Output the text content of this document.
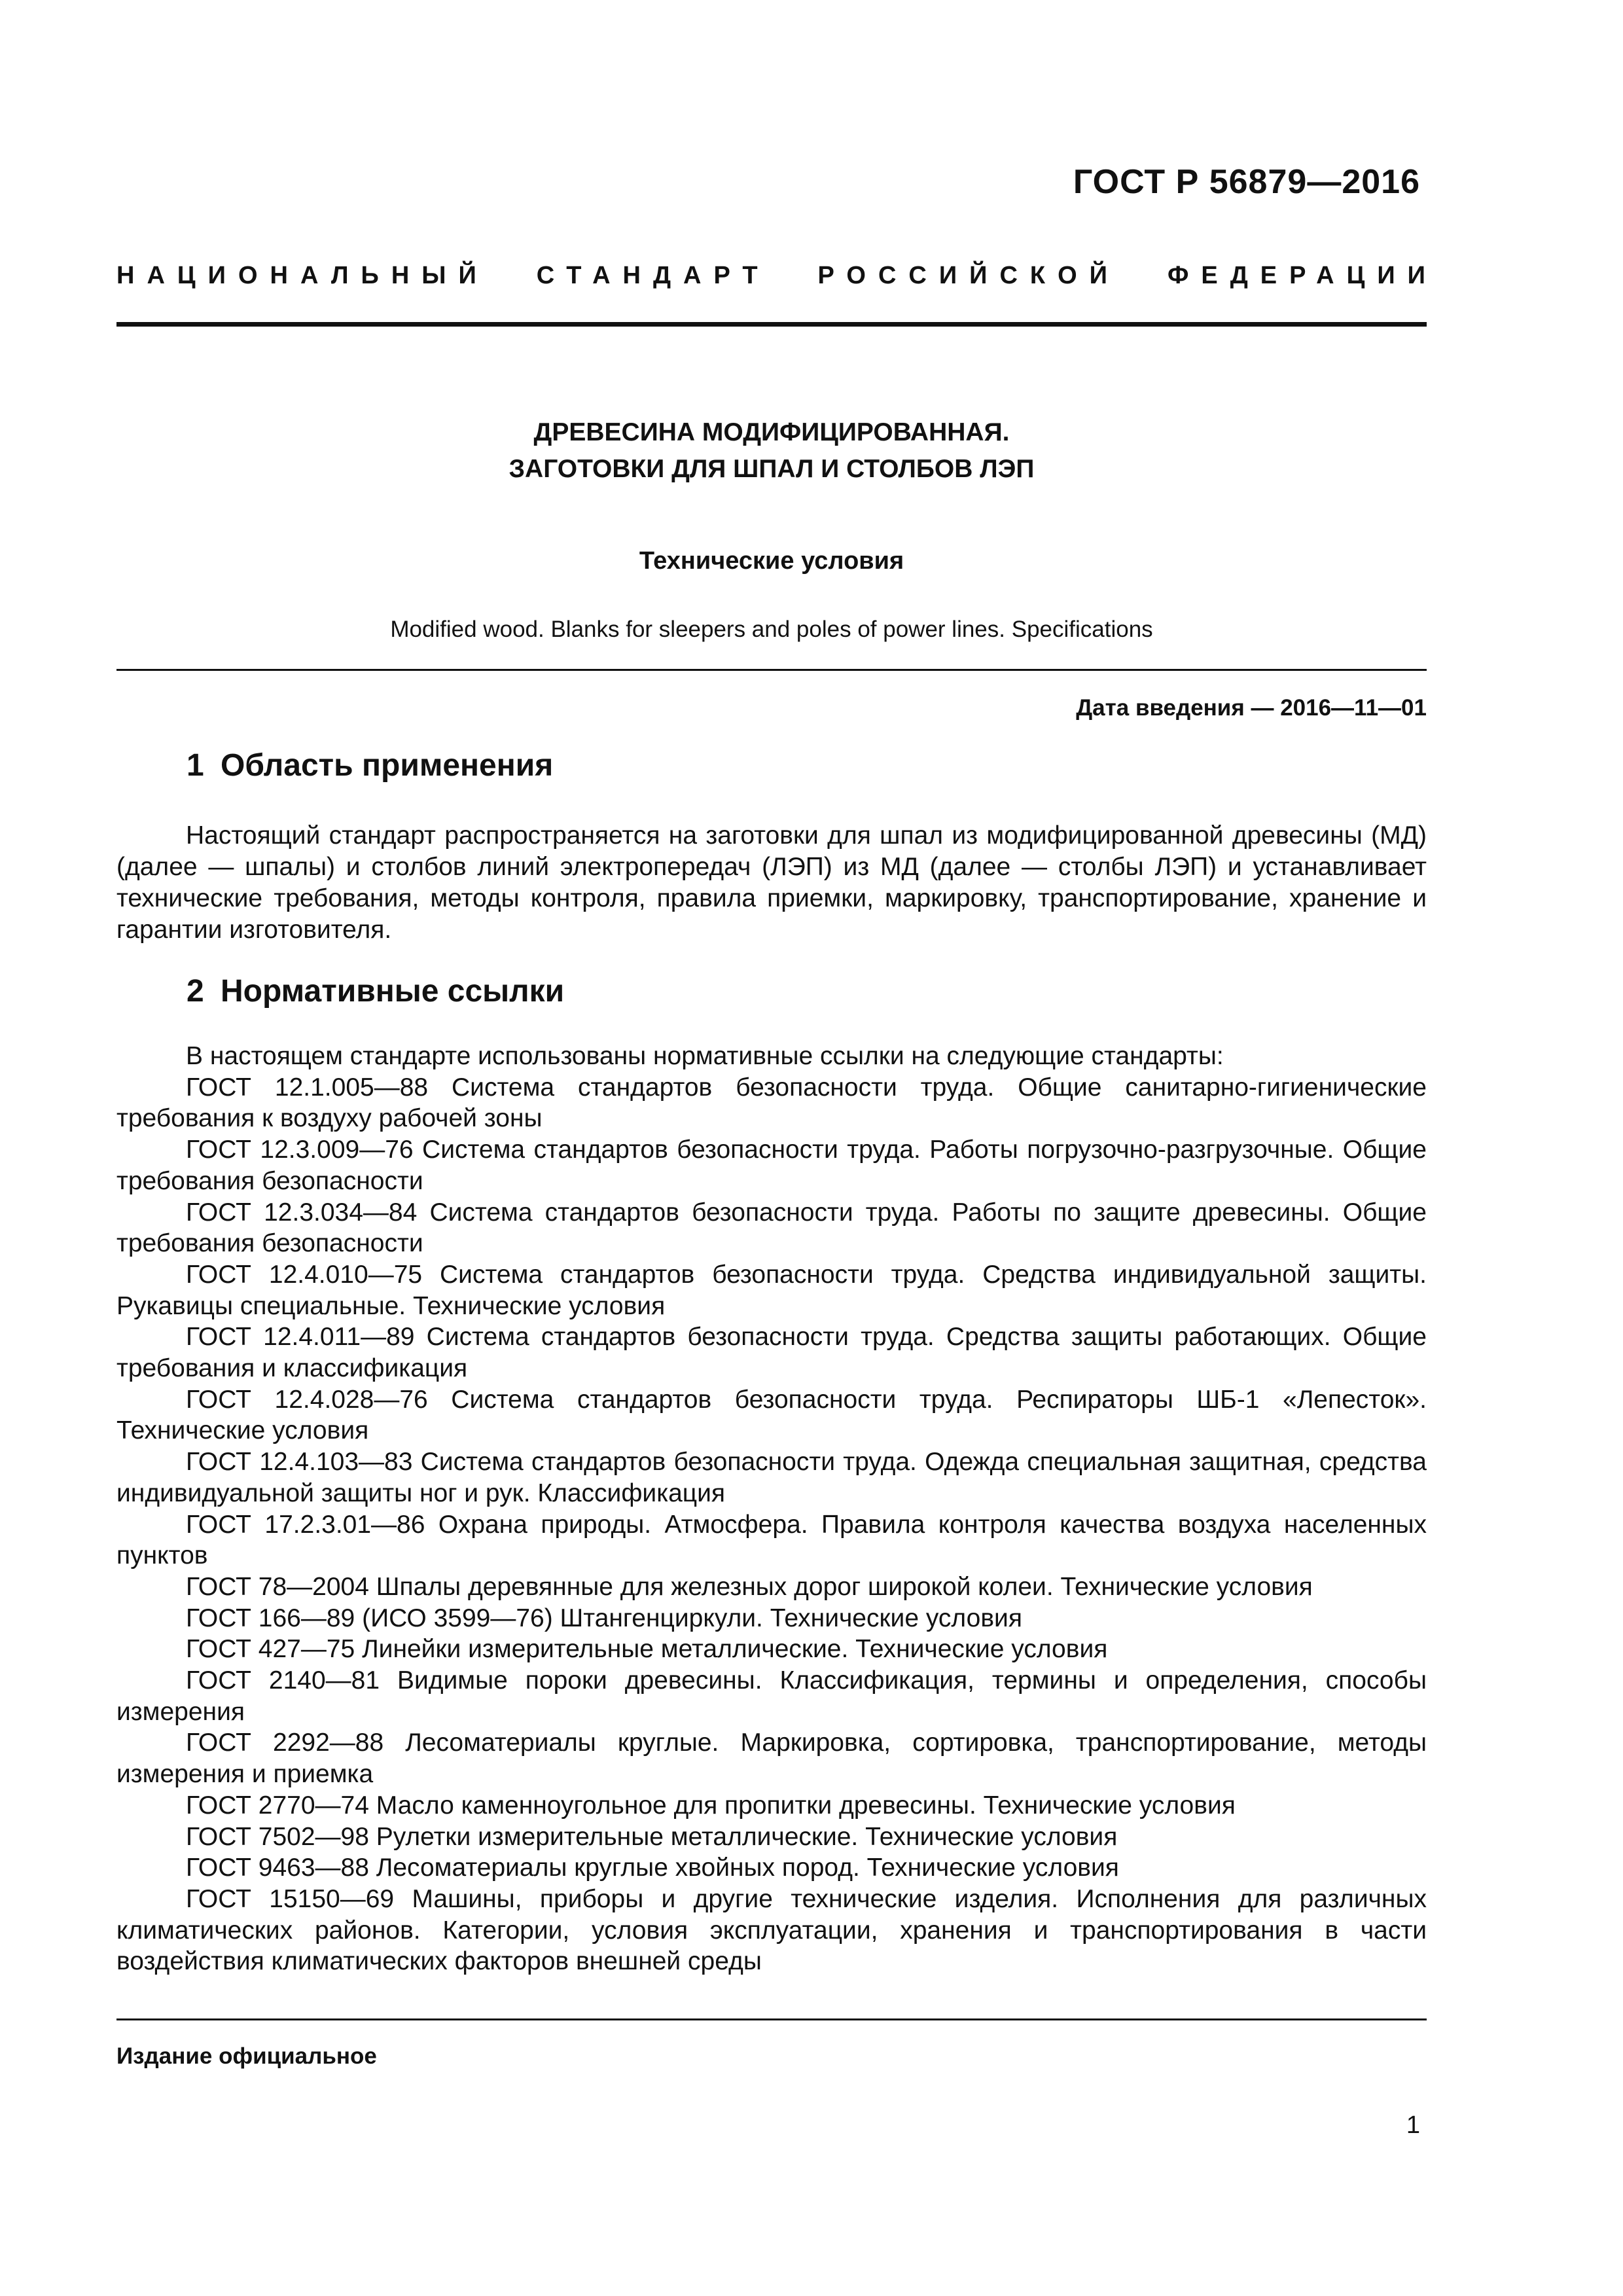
ГОСТ Р 56879—2016
НАЦИОНАЛЬНЫЙ СТАНДАРТ РОССИЙСКОЙ ФЕДЕРАЦИИ
ДРЕВЕСИНА МОДИФИЦИРОВАННАЯ.
ЗАГОТОВКИ ДЛЯ ШПАЛ И СТОЛБОВ ЛЭП
Технические условия
Modified wood. Blanks for sleepers and poles of power lines. Specifications
Дата введения — 2016—11—01
1 Область применения

Настоящий стандарт распространяется на заготовки для шпал из модифицированной древесины (МД) (далее — шпалы) и столбов линий электропередач (ЛЭП) из МД (далее — столбы ЛЭП) и устанавливает технические требования, методы контроля, правила приемки, маркировку, транспортирование, хранение и гарантии изготовителя.

2 Нормативные ссылки

В настоящем стандарте использованы нормативные ссылки на следующие стандарты:

ГОСТ 12.1.005—88 Система стандартов безопасности труда. Общие санитарно-гигиенические требования к воздуху рабочей зоны

ГОСТ 12.3.009—76 Система стандартов безопасности труда. Работы погрузочно-разгрузочные. Общие требования безопасности

ГОСТ 12.3.034—84 Система стандартов безопасности труда. Работы по защите древесины. Общие требования безопасности

ГОСТ 12.4.010—75 Система стандартов безопасности труда. Средства индивидуальной защиты. Рукавицы специальные. Технические условия

ГОСТ 12.4.011—89 Система стандартов безопасности труда. Средства защиты работающих. Общие требования и классификация

ГОСТ 12.4.028—76 Система стандартов безопасности труда. Респираторы ШБ-1 «Лепесток». Технические условия

ГОСТ 12.4.103—83 Система стандартов безопасности труда. Одежда специальная защитная, средства индивидуальной защиты ног и рук. Классификация

ГОСТ 17.2.3.01—86 Охрана природы. Атмосфера. Правила контроля качества воздуха населенных пунктов

ГОСТ 78—2004 Шпалы деревянные для железных дорог широкой колеи. Технические условия

ГОСТ 166—89 (ИСО 3599—76) Штангенциркули. Технические условия

ГОСТ 427—75 Линейки измерительные металлические. Технические условия

ГОСТ 2140—81 Видимые пороки древесины. Классификация, термины и определения, способы измерения

ГОСТ 2292—88 Лесоматериалы круглые. Маркировка, сортировка, транспортирование, методы измерения и приемка

ГОСТ 2770—74 Масло каменноугольное для пропитки древесины. Технические условия

ГОСТ 7502—98 Рулетки измерительные металлические. Технические условия

ГОСТ 9463—88 Лесоматериалы круглые хвойных пород. Технические условия

ГОСТ 15150—69 Машины, приборы и другие технические изделия. Исполнения для различных климатических районов. Категории, условия эксплуатации, хранения и транспортирования в части воздействия климатических факторов внешней среды

Издание официальное
1
